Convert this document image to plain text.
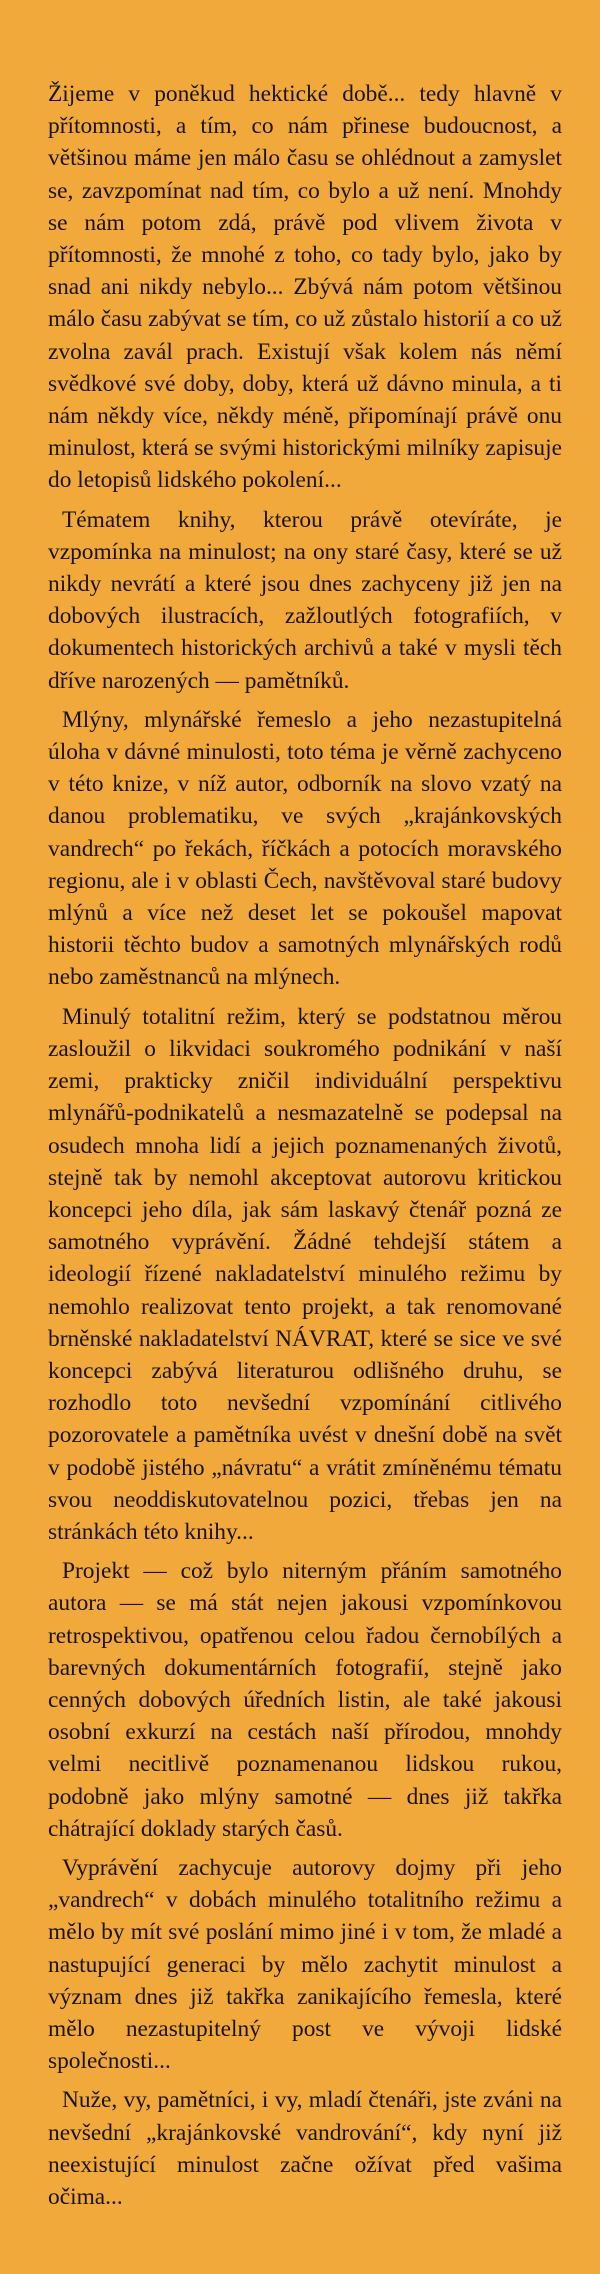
Žijeme v poněkud hektické době... tedy hlavně v přítomnosti, a tím, co nám přinese budoucnost, a většinou máme jen málo času se ohlédnout a zamyslet se, zavzpomínat nad tím, co bylo a už není. Mnohdy se nám potom zdá, právě pod vlivem života v přítomnosti, že mnohé z toho, co tady bylo, jako by snad ani nikdy nebylo... Zbývá nám potom většinou málo času zabývat se tím, co už zůstalo historií a co už zvolna zavál prach. Existují však kolem nás němí svědkové své doby, doby, která už dávno minula, a ti nám někdy více, někdy méně, připomínají právě onu minulost, která se svými historickými milníky zapisuje do letopisů lidského pokolení...

Tématem knihy, kterou právě otevíráte, je vzpomínka na minulost; na ony staré časy, které se už nikdy nevrátí a které jsou dnes zachyceny již jen na dobových ilustracích, zažloutlých fotografiích, v dokumentech historických archivů a také v mysli těch dříve narozených — pamětníků.

Mlýny, mlynářské řemeslo a jeho nezastupitelná úloha v dávné minulosti, toto téma je věrně zachyceno v této knize, v níž autor, odborník na slovo vzatý na danou problematiku, ve svých „krajánkovských vandrech“ po řekách, říčkách a potocích moravského regionu, ale i v oblasti Čech, navštěvoval staré budovy mlýnů a více než deset let se pokoušel mapovat historii těchto budov a samotných mlynářských rodů nebo zaměstnanců na mlýnech.

Minulý totalitní režim, který se podstatnou měrou zasloužil o likvidaci soukromého podnikání v naší zemi, prakticky zničil individuální perspektivu mlynářů-podnikatelů a nesmazatelně se podepsal na osudech mnoha lidí a jejich poznamenaných životů, stejně tak by nemohl akceptovat autorovu kritickou koncepci jeho díla, jak sám laskavý čtenář pozná ze samotného vyprávění. Žádné tehdejší státem a ideologií řízené nakladatelství minulého režimu by nemohlo realizovat tento projekt, a tak renomované brněnské nakladatelství NÁVRAT, které se sice ve své koncepci zabývá literaturou odlišného druhu, se rozhodlo toto nevšední vzpomínání citlivého pozorovatele a pamětníka uvést v dnešní době na svět v podobě jistého „návratu“ a vrátit zmíněnému tématu svou neoddiskutovatelnou pozici, třebas jen na stránkách této knihy...

Projekt — což bylo niterným přáním samotného autora — se má stát nejen jakousi vzpomínkovou retrospektivou, opatřenou celou řadou černobílých a barevných dokumentárních fotografií, stejně jako cenných dobových úředních listin, ale také jakousi osobní exkurzí na cestách naší přírodou, mnohdy velmi necitlivě poznamenanou lidskou rukou, podobně jako mlýny samotné — dnes již takřka chátrající doklady starých časů.

Vyprávění zachycuje autorovy dojmy při jeho „vandrech“ v dobách minulého totalitního režimu a mělo by mít své poslání mimo jiné i v tom, že mladé a nastupující generaci by mělo zachytit minulost a význam dnes již takřka zanikajícího řemesla, které mělo nezastupitelný post ve vývoji lidské společnosti...

Nuže, vy, pamětníci, i vy, mladí čtenáři, jste zváni na nevšední „krajánkovské vandrování“, kdy nyní již neexistující minulost začne ožívat před vašima očima...
